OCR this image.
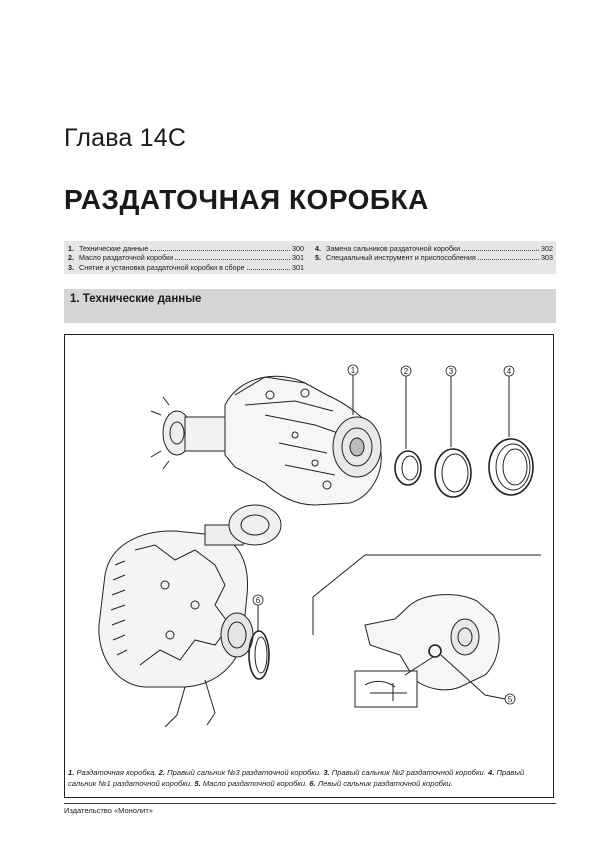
Глава 14C
РАЗДАТОЧНАЯ КОРОБКА
1. Технические данные	300
2. Масло раздаточной коробки	301
3. Снятие и установка раздаточной коробки в сборе	301
4. Замена сальников раздаточной коробки	302
5. Специальный инструмент и приспособления	303
1. Технические данные
1	2	3	4
5
6
1. Раздаточная коробка. 2. Правый сальник №3 раздаточной коробки. 3. Правый сальник №2 раздаточной коробки. 4. Правый сальник №1 раздаточной коробки. 5. Масло раздаточной коробки. 6. Левый сальник раздаточной коробки.
Издательство «Монолит»
